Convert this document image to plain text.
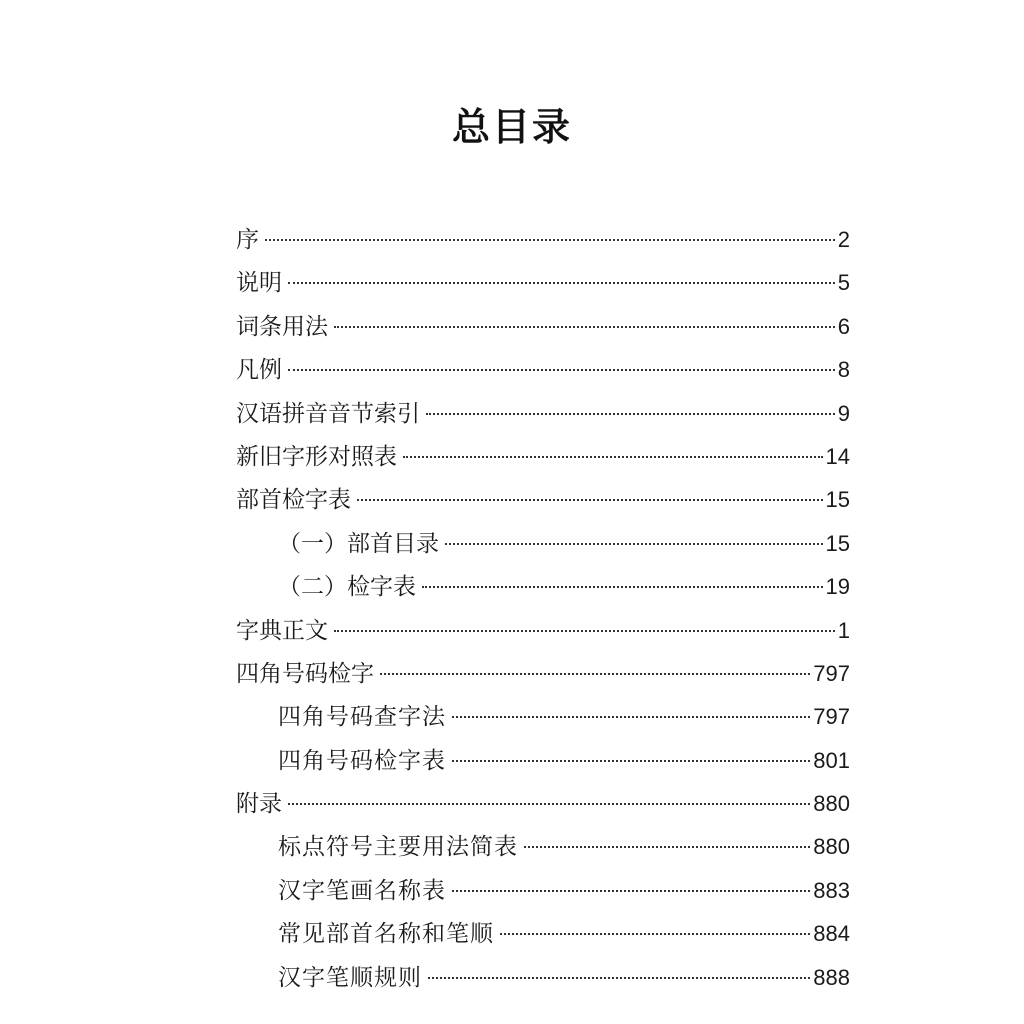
总目录
序	2
说明	5
词条用法	6
凡例	8
汉语拼音音节索引	9
新旧字形对照表	14
部首检字表	15
（一）部首目录	15
（二）检字表	19
字典正文	1
四角号码检字	797
四角号码查字法	797
四角号码检字表	801
附录	880
标点符号主要用法简表	880
汉字笔画名称表	883
常见部首名称和笔顺	884
汉字笔顺规则	888
